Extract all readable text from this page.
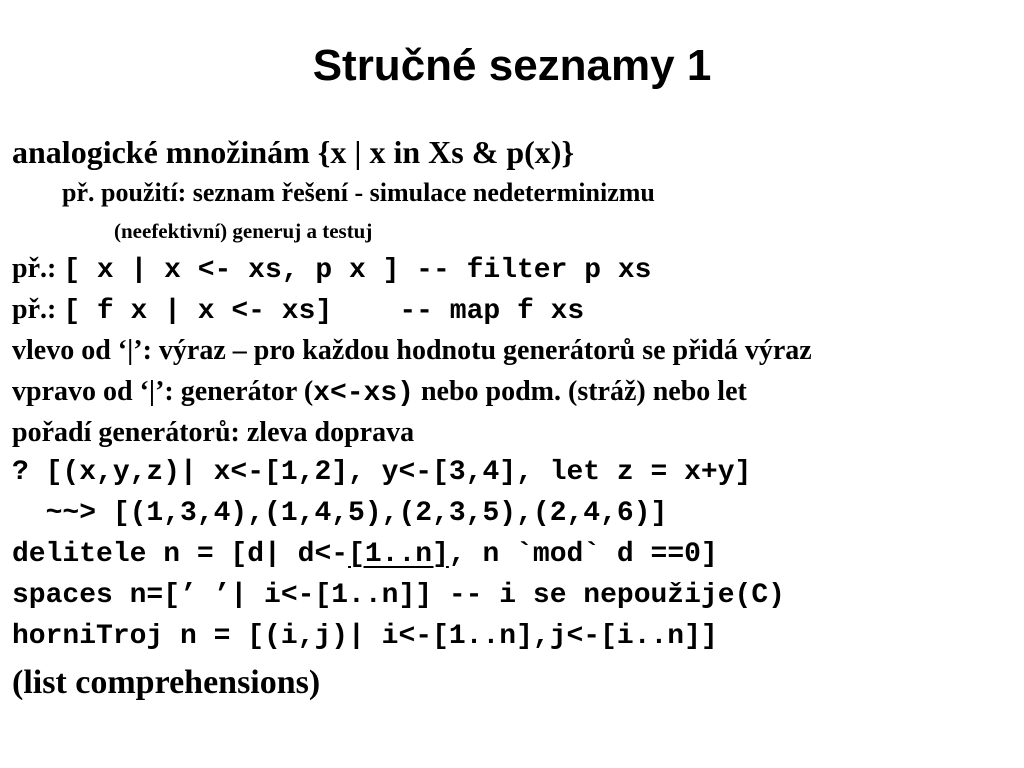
Stručné seznamy 1

analogické množinám {x | x in Xs & p(x)}

př. použití: seznam řešení - simulace nedeterminizmu

(neefektivní) generuj a testuj

př.: [ x | x <- xs, p x ] -- filter p xs

př.: [ f x | x <- xs]    -- map f xs

vlevo od ‘|’: výraz – pro každou hodnotu generátorů se přidá výraz

vpravo od ‘|’: generátor (x<-xs) nebo podm. (stráž) nebo let

pořadí generátorů: zleva doprava

? [(x,y,z)| x<-[1,2], y<-[3,4], let z = x+y]

~~> [(1,3,4),(1,4,5),(2,3,5),(2,4,6)]

delitele n = [d| d<-[1..n], n `mod` d ==0]

spaces n=[’ ’| i<-[1..n]] -- i se nepoužije(C)

horniTroj n = [(i,j)| i<-[1..n],j<-[i..n]]

(list comprehensions)
